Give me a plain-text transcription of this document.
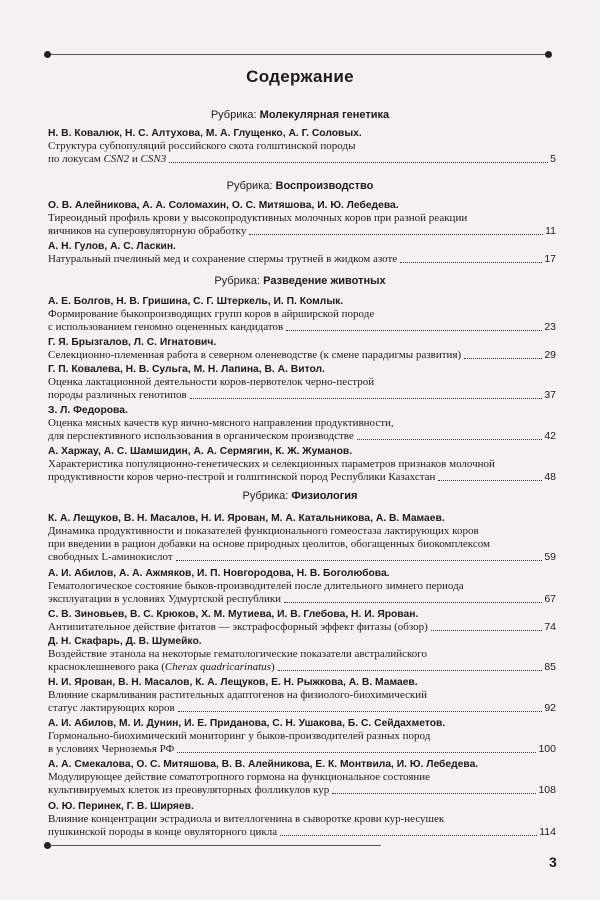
Содержание
Рубрика: Молекулярная генетика
Н. В. Ковалюк, Н. С. Алтухова, М. А. Глущенко, А. Г. Соловых.
Структура субпопуляций российского скота голштинской породы
по локусам CSN2 и CSN3	5
Рубрика: Воспроизводство
О. В. Алейникова, А. А. Соломахин, О. С. Митяшова, И. Ю. Лебедева.
Тиреоидный профиль крови у высокопродуктивных молочных коров при разной реакции
яичников на суперовуляторную обработку	11
А. Н. Гулов, А. С. Ласкин.
Натуральный пчелиный мед и сохранение спермы трутней в жидком азоте	17
Рубрика: Разведение животных
А. Е. Болгов, Н. В. Гришина, С. Г. Штеркель, И. П. Комлык.
Формирование быкопроизводящих групп коров в айрширской породе
с использованием геномно оцененных кандидатов	23
Г. Я. Брызгалов, Л. С. Игнатович.
Селекционно-племенная работа в северном оленеводстве (к смене парадигмы развития)	29
Г. П. Ковалева, Н. В. Сульга, М. Н. Лапина, В. А. Витол.
Оценка лактационной деятельности коров-первотелок черно-пестрой
породы различных генотипов	37
З. Л. Федорова.
Оценка мясных качеств кур яично-мясного направления продуктивности,
для перспективного использования в органическом производстве	42
А. Харжау, А. С. Шамшидин, А. А. Сермягин, К. Ж. Жуманов.
Характеристика популяционно-генетических и селекционных параметров признаков молочной
продуктивности коров черно-пестрой и голштинской пород Республики Казахстан	48
Рубрика: Физиология
К. А. Лещуков, В. Н. Масалов, Н. И. Ярован, М. А. Катальникова, А. В. Мамаев.
Динамика продуктивности и показателей функционального гомеостаза лактирующих коров
при введении в рацион добавки на основе природных цеолитов, обогащенных биокомплексом
свободных L-аминокислот	59
А. И. Абилов, А. А. Ажмяков, И. П. Новгородова, Н. В. Боголюбова.
Гематологическое состояние быков-производителей после длительного зимнего периода
эксплуатации в условиях Удмуртской республики	67
С. В. Зиновьев, В. С. Крюков, Х. М. Мутиева, И. В. Глебова, Н. И. Ярован.
Антипитательное действие фитатов — экстрафосфорный эффект фитазы (обзор)	74
Д. Н. Скафарь, Д. В. Шумейко.
Воздействие этанола на некоторые гематологические показатели австралийского
красноклешневого рака (Cherax quadricarinatus)	85
Н. И. Ярован, В. Н. Масалов, К. А. Лещуков, Е. Н. Рыжкова, А. В. Мамаев.
Влияние скармливания растительных адаптогенов на физиолого-биохимический
статус лактирующих коров	92
А. И. Абилов, М. И. Дунин, И. Е. Приданова, С. Н. Ушакова, Б. С. Сейдахметов.
Гормонально-биохимический мониторинг у быков-производителей разных пород
в условиях Черноземья РФ	100
А. А. Смекалова, О. С. Митяшова, В. В. Алейникова, Е. К. Монтвила, И. Ю. Лебедева.
Модулирующее действие соматотропного гормона на функциональное состояние
культивируемых клеток из преовуляторных фолликулов кур	108
О. Ю. Перинек, Г. В. Ширяев.
Влияние концентрации эстрадиола и вителлогенина в сыворотке крови кур-несушек
пушкинской породы в конце овуляторного цикла	114
3
